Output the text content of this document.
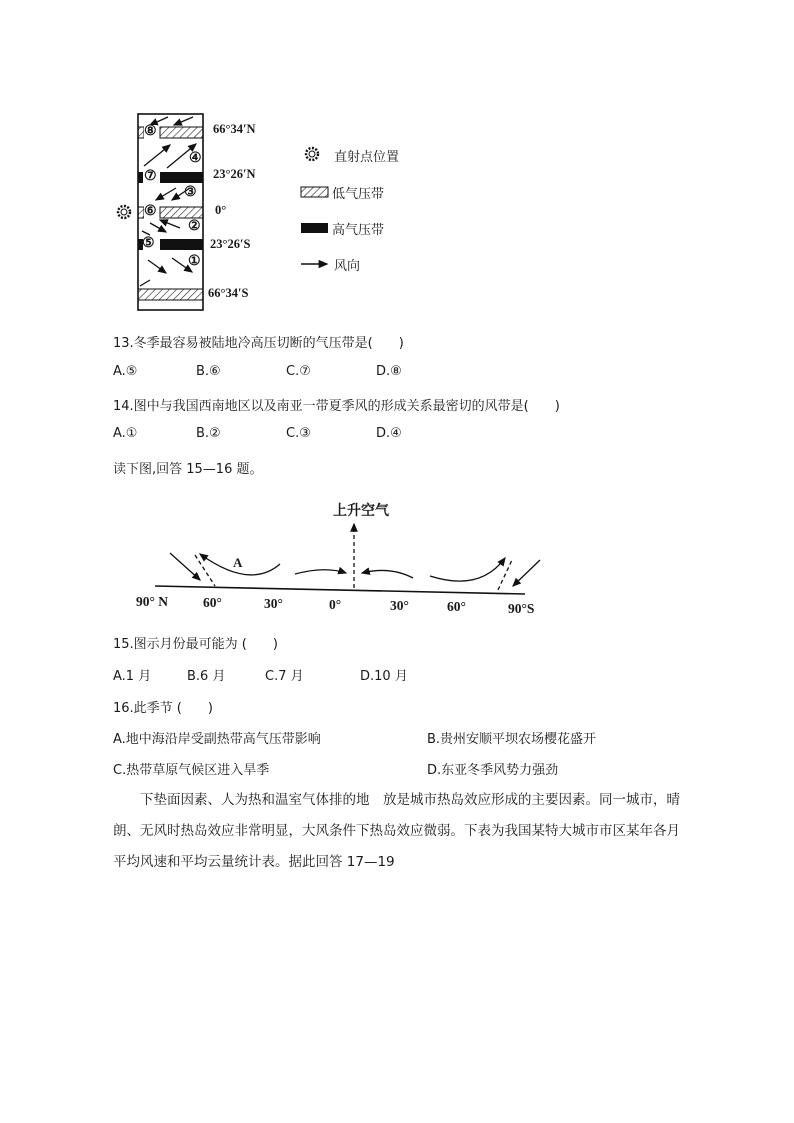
⑧
⑦
⑥
⑤
④
③
②
①
66°34′N
23°26′N
0°
23°26′S
66°34′S
直射点位置
低气压带
高气压带
风向
13.冬季最容易被陆地冷高压切断的气压带是(　　)
A.⑤	B.⑥	C.⑦	D.⑧
14.图中与我国西南地区以及南亚一带夏季风的形成关系最密切的风带是(　　)
A.①	B.②	C.③	D.④
读下图,回答 15—16 题。
上升空气
A
90° N	60°	30°	0°	30°	60°	90°S
15.图示月份最可能为 (　　)
A.1 月	B.6 月	C.7 月	D.10 月
16.此季节 (　　)
A.地中海沿岸受副热带高气压带影响	B.贵州安顺平坝农场樱花盛开
C.热带草原气候区进入旱季	D.东亚冬季风势力强劲

下垫面因素、人为热和温室气体排的地　放是城市热岛效应形成的主要因素。同一城市，晴朗、无风时热岛效应非常明显，大风条件下热岛效应微弱。下表为我国某特大城市市区某年各月平均风速和平均云量统计表。据此回答 17—19
